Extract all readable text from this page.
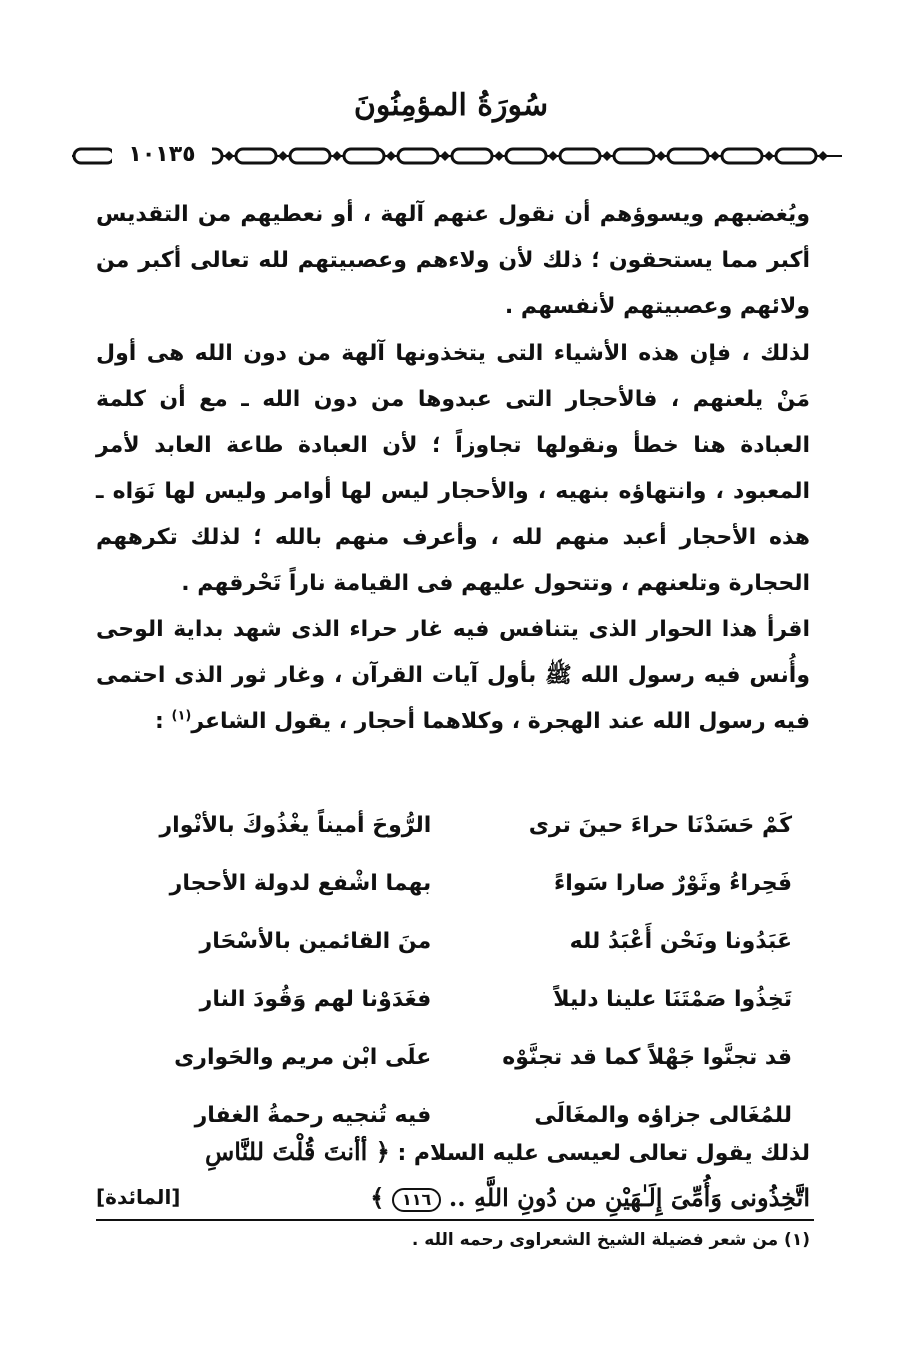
سُورَةُ المؤمِنُونَ
١٠١٣٥

ويُغضبهم ويسوؤهم أن نقول عنهم آلهة ، أو نعطيهم من التقديس أكبر مما يستحقون ؛ ذلك لأن ولاءهم وعصبيتهم لله تعالى أكبر من ولائهم وعصبيتهم لأنفسهم .

لذلك ، فإن هذه الأشياء التى يتخذونها آلهة من دون الله هى أول مَنْ يلعنهم ، فالأحجار التى عبدوها من دون الله ـ مع أن كلمة العبادة هنا خطأ ونقولها تجاوزاً ؛ لأن العبادة طاعة العابد لأمر المعبود ، وانتهاؤه بنهيه ، والأحجار ليس لها أوامر وليس لها نَوَاه ـ هذه الأحجار أعبد منهم لله ، وأعرف منهم بالله ؛ لذلك تكرههم الحجارة وتلعنهم ، وتتحول عليهم فى القيامة ناراً تَحْرقهم .

اقرأ هذا الحوار الذى يتنافس فيه غار حراء الذى شهد بداية الوحى وأُنس فيه رسول الله ﷺ بأول آيات القرآن ، وغار ثور الذى احتمى فيه رسول الله عند الهجرة ، وكلاهما أحجار ، يقول الشاعر$^{(١)}$ :

كَمْ حَسَدْنَا حراءَ حينَ ترى
الرُّوحَ أميناً يغْذُوكَ بالأنْوار
فَحِراءُ وثَوْرٌ صارا سَواءً
بهما اشْفع لدولة الأحجار
عَبَدُونا ونَحْن أَعْبَدُ لله
منَ القائمين بالأسْحَار
تَخِذُوا صَمْتَنَا علينا دليلاً
فغَدَوْنا لهم وَقُودَ النار
قد تجنَّوا جَهْلاً كما قد تجنَّوْه
علَى ابْن مريم والحَوارى
للمُغَالى جزاؤه والمغَالَى
فيه تُنجيه رحمةُ الغفار
لذلك يقول تعالى لعيسى عليه السلام : ﴿ أأنتَ قُلْتَ للنَّاسِ
اتَّخِذُونى وَأُمِّىَ إِلَـٰهَيْنِ من دُونِ اللَّهِ .. ١١٦ ﴾
[المائدة]
(١) من شعر فضيلة الشيخ الشعراوى رحمه الله .
